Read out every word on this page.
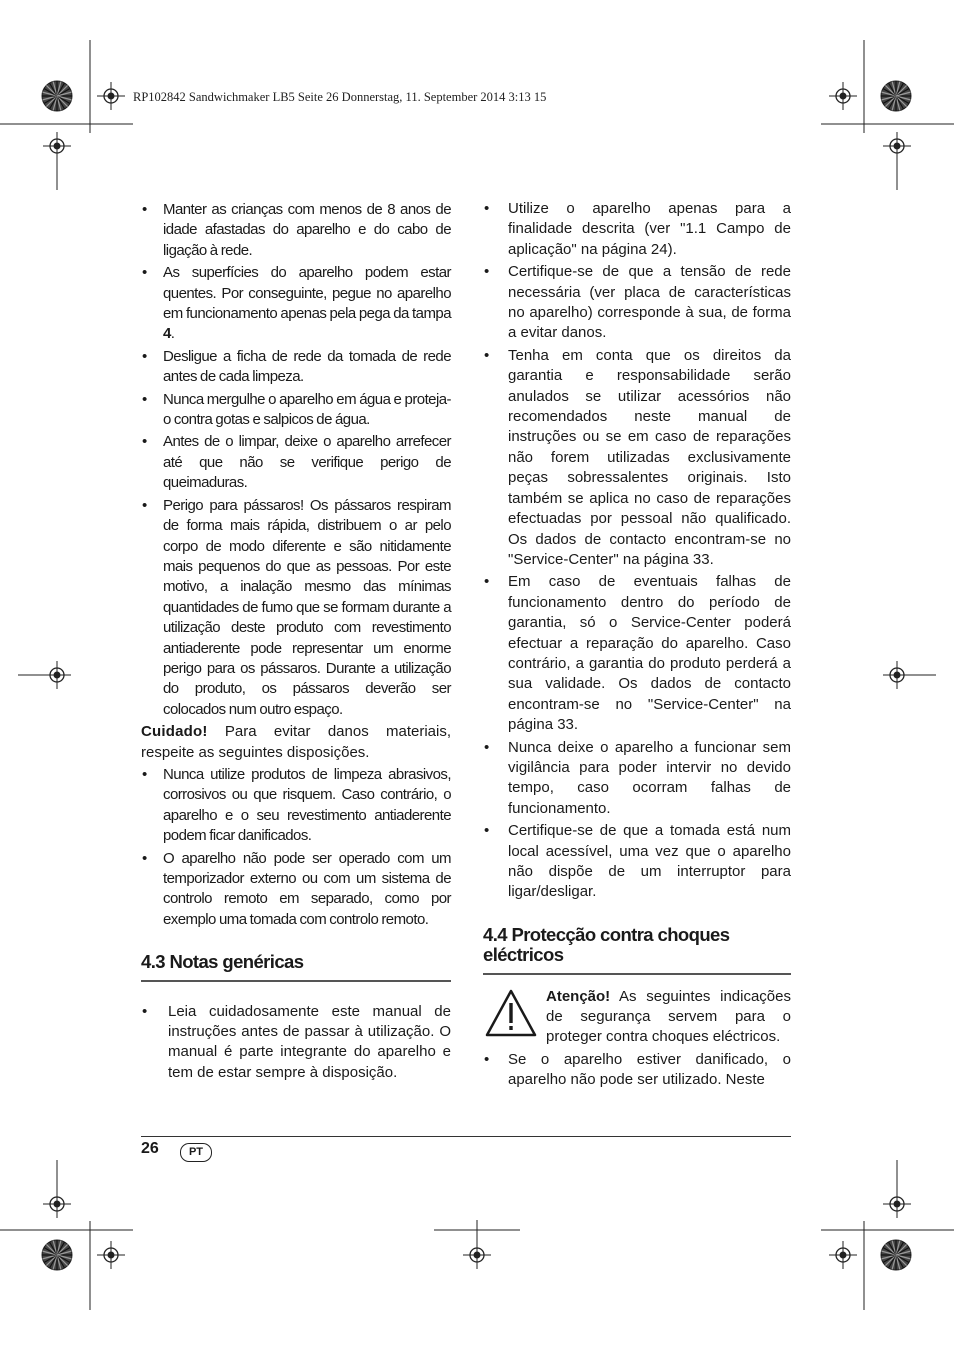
RP102842 Sandwichmaker LB5 Seite 26 Donnerstag, 11. September 2014 3:13 15
• Manter as crianças com menos de 8 anos de idade afastadas do aparelho e do cabo de ligação à rede.
• As superfícies do aparelho podem estar quentes. Por conseguinte, pegue no aparelho em funcionamento apenas pela pega da tampa 4.
• Desligue a ficha de rede da tomada de rede antes de cada limpeza.
• Nunca mergulhe o aparelho em água e proteja-o contra gotas e salpicos de água.
• Antes de o limpar, deixe o aparelho arrefecer até que não se verifique perigo de queimaduras.
• Perigo para pássaros! Os pássaros respiram de forma mais rápida, distribuem o ar pelo corpo de modo diferente e são nitidamente mais pequenos do que as pessoas. Por este motivo, a inalação mesmo das mínimas quantidades de fumo que se formam durante a utilização deste produto com revestimento antiaderente pode representar um enorme perigo para os pássaros. Durante a utilização do produto, os pássaros deverão ser colocados num outro espaço.

Cuidado! Para evitar danos materiais, respeite as seguintes disposições.

• Nunca utilize produtos de limpeza abrasivos, corrosivos ou que risquem. Caso contrário, o aparelho e o seu revestimento antiaderente podem ficar danificados.
• O aparelho não pode ser operado com um temporizador externo ou com um sistema de controlo remoto em separado, como por exemplo uma tomada com controlo remoto.
4.3 Notas genéricas
• Leia cuidadosamente este manual de instruções antes de passar à utilização. O manual é parte integrante do aparelho e tem de estar sempre à disposição.
• Utilize o aparelho apenas para a finalidade descrita (ver "1.1 Campo de aplicação" na página 24).
• Certifique-se de que a tensão de rede necessária (ver placa de características no aparelho) corresponde à sua, de forma a evitar danos.
• Tenha em conta que os direitos da garantia e responsabilidade serão anulados se utilizar acessórios não recomendados neste manual de instruções ou se em caso de reparações não forem utilizadas exclusivamente peças sobressalentes originais. Isto também se aplica no caso de reparações efectuadas por pessoal não qualificado. Os dados de contacto encontram-se no "Service-Center" na página 33.
• Em caso de eventuais falhas de funcionamento dentro do período de garantia, só o Service-Center poderá efectuar a reparação do aparelho. Caso contrário, a garantia do produto perderá a sua validade. Os dados de contacto encontram-se no "Service-Center" na página 33.
• Nunca deixe o aparelho a funcionar sem vigilância para poder intervir no devido tempo, caso ocorram falhas de funcionamento.
• Certifique-se de que a tomada está num local acessível, uma vez que o aparelho não dispõe de um interruptor para ligar/desligar.
4.4 Protecção contra choques eléctricos
Atenção! As seguintes indicações de segurança servem para o proteger contra choques eléctricos.
• Se o aparelho estiver danificado, o aparelho não pode ser utilizado. Neste
26	PT
